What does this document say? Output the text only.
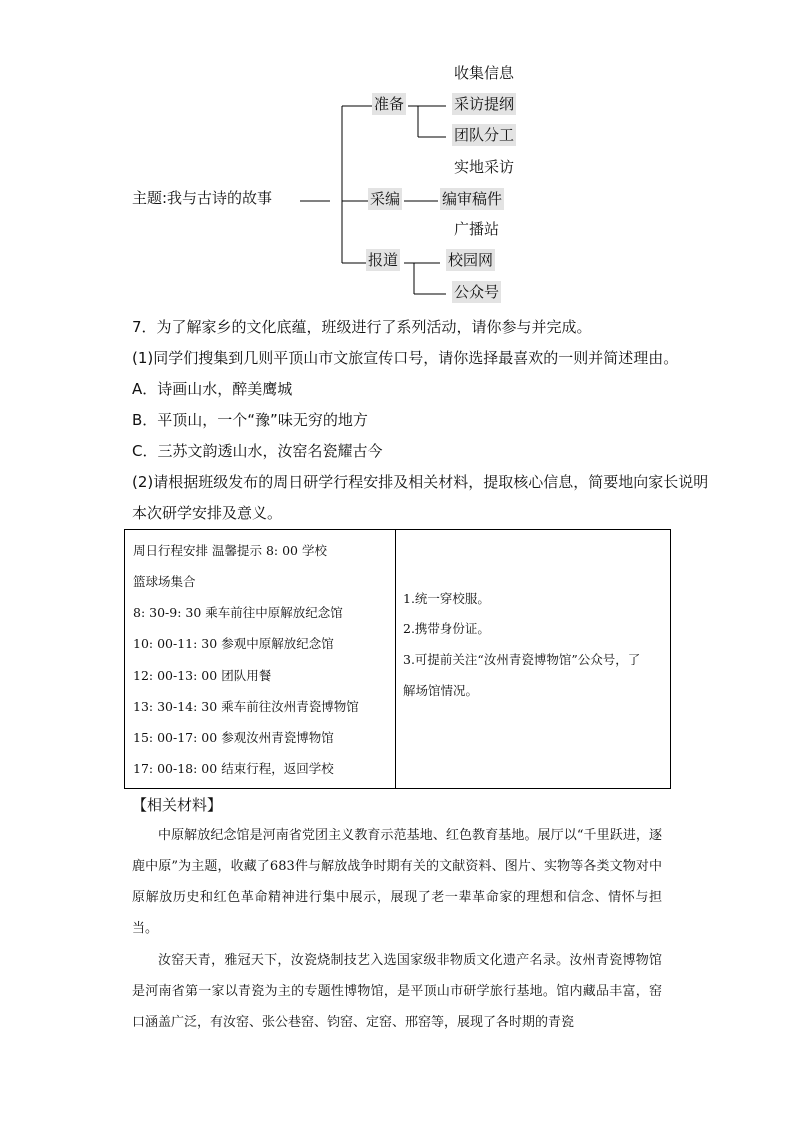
主题:我与古诗的故事
准备
收集信息
采访提纲
团队分工
采编
实地采访
编审稿件
广播站
报道	校园网
公众号
7．为了解家乡的文化底蕴，班级进行了系列活动，请你参与并完成。
(1)同学们搜集到几则平顶山市文旅宣传口号，请你选择最喜欢的一则并简述理由。
A．诗画山水，醉美鹰城
B．平顶山，一个“豫”味无穷的地方
C．三苏文韵透山水，汝窑名瓷耀古今
(2)请根据班级发布的周日研学行程安排及相关材料，提取核心信息，简要地向家长说明
本次研学安排及意义。
周日行程安排 温馨提示 8: 00 学校
篮球场集合
8: 30-9: 30 乘车前往中原解放纪念馆
10: 00-11: 30 参观中原解放纪念馆
12: 00-13: 00 团队用餐
13: 30-14: 30 乘车前往汝州青瓷博物馆
15: 00-17: 00 参观汝州青瓷博物馆
17: 00-18: 00 结束行程，返回学校
1.统一穿校服。
2.携带身份证。
3.可提前关注“汝州青瓷博物馆”公众号，了
解场馆情况。
【相关材料】
中原解放纪念馆是河南省党团主义教育示范基地、红色教育基地。展厅以“千里跃进，逐鹿中原”为主题，收藏了683件与解放战争时期有关的文献资料、图片、实物等各类文物对中原解放历史和红色革命精神进行集中展示，展现了老一辈革命家的理想和信念、情怀与担当。
汝窑天青，雅冠天下，汝瓷烧制技艺入选国家级非物质文化遗产名录。汝州青瓷博物馆是河南省第一家以青瓷为主的专题性博物馆，是平顶山市研学旅行基地。馆内藏品丰富，窑口涵盖广泛，有汝窑、张公巷窑、钧窑、定窑、邢窑等，展现了各时期的青瓷
